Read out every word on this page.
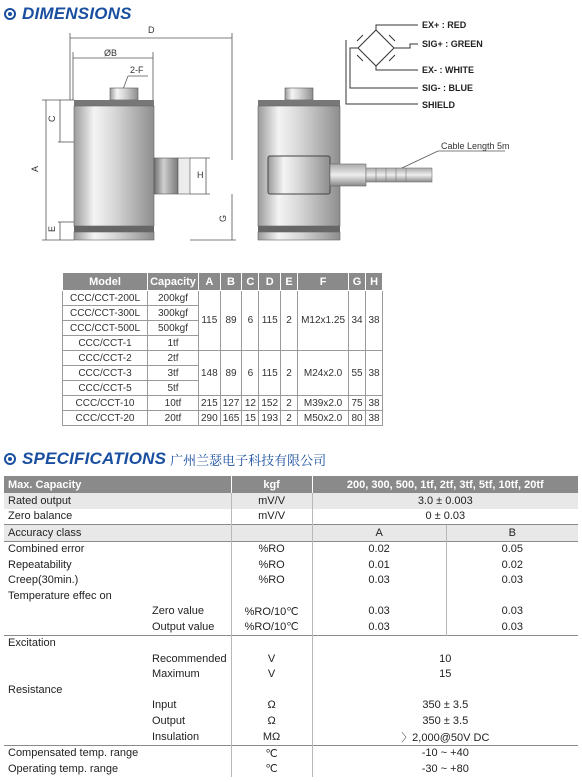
DIMENSIONS
D
ØB
2-F
C
A
E
H
G
Cable Length 5m
EX+ : RED
SIG+ : GREEN
EX- : WHITE
SIG- : BLUE
SHIELD
Model	Capacity	A	B	C	D	E	F	G	H
CCC/CCT-200L	200kgf	115	89	6	115	2	M12x1.25	34	38
CCC/CCT-300L	300kgf								
CCC/CCT-500L	500kgf								
CCC/CCT-1	1tf								
CCC/CCT-2	2tf	148	89	6	115	2	M24x2.0	55	38
CCC/CCT-3	3tf								
CCC/CCT-5	5tf								
CCC/CCT-10	10tf	215	127	12	152	2	M39x2.0	75	38
CCC/CCT-20	20tf	290	165	15	193	2	M50x2.0	80	38
SPECIFICATIONS 广州兰瑟电子科技有限公司
Max. Capacity	kgf	200, 300, 500, 1tf, 2tf, 3tf, 5tf, 10tf, 20tf	
Rated output	mV/V	3.0 ± 0.003	
Zero balance	mV/V	0 ± 0.03	
Accuracy class		A	B
Combined error	%RO	0.02	0.05
Repeatability	%RO	0.01	0.02
Creep(30min.)	%RO	0.03	0.03
Temperature effec on			
Zero value	%RO/10℃	0.03	0.03
Output value	%RO/10℃	0.03	0.03
Excitation			
Recommended	V	10	
Maximum	V	15	
Resistance			
Input	Ω	350 ± 3.5	
Output	Ω	350 ± 3.5	
Insulation	MΩ	〉2,000@50V DC	
Compensated temp. range	℃	-10 ~ +40	
Operating temp. range	℃	-30 ~ +80	
